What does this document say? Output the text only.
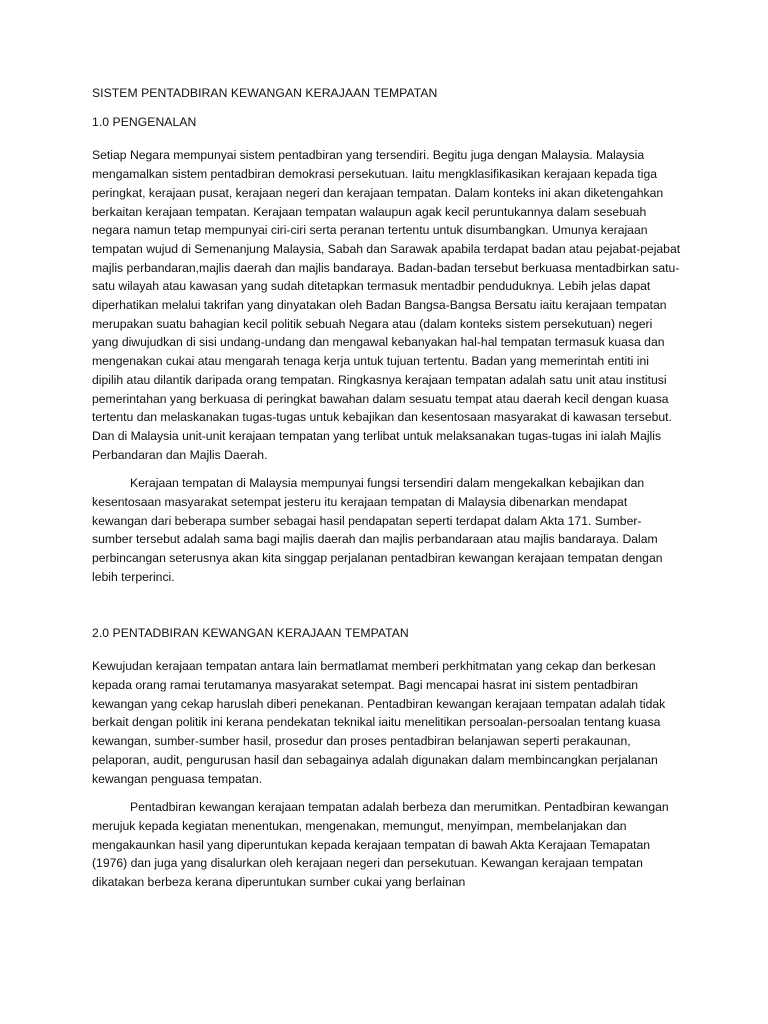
SISTEM PENTADBIRAN KEWANGAN KERAJAAN TEMPATAN

1.0 PENGENALAN

Setiap Negara mempunyai sistem pentadbiran yang tersendiri. Begitu juga dengan Malaysia. Malaysia mengamalkan sistem pentadbiran demokrasi persekutuan. Iaitu mengklasifikasikan kerajaan kepada tiga peringkat, kerajaan pusat, kerajaan negeri dan kerajaan tempatan. Dalam konteks ini akan diketengahkan berkaitan kerajaan tempatan. Kerajaan tempatan walaupun agak kecil peruntukannya dalam sesebuah negara namun tetap mempunyai ciri-ciri serta peranan tertentu untuk disumbangkan. Umunya kerajaan tempatan wujud di Semenanjung Malaysia, Sabah dan Sarawak apabila terdapat badan atau pejabat-pejabat majlis perbandaran,majlis daerah dan majlis bandaraya. Badan-badan tersebut berkuasa mentadbirkan satu-satu wilayah atau kawasan yang sudah ditetapkan termasuk mentadbir penduduknya. Lebih jelas dapat diperhatikan melalui takrifan yang dinyatakan oleh Badan Bangsa-Bangsa Bersatu iaitu kerajaan tempatan merupakan suatu bahagian kecil politik sebuah Negara atau (dalam konteks sistem persekutuan) negeri yang diwujudkan di sisi undang-undang dan mengawal kebanyakan hal-hal tempatan termasuk kuasa dan mengenakan cukai atau mengarah tenaga kerja untuk tujuan tertentu. Badan yang memerintah entiti ini dipilih atau dilantik daripada orang tempatan. Ringkasnya kerajaan tempatan adalah satu unit atau institusi pemerintahan yang berkuasa di peringkat bawahan dalam sesuatu tempat atau daerah kecil dengan kuasa tertentu dan melaskanakan tugas-tugas untuk kebajikan dan kesentosaan masyarakat di kawasan tersebut. Dan di Malaysia unit-unit kerajaan tempatan yang terlibat untuk melaksanakan tugas-tugas ini ialah Majlis Perbandaran dan Majlis Daerah.

Kerajaan tempatan di Malaysia mempunyai fungsi tersendiri dalam mengekalkan kebajikan dan kesentosaan masyarakat setempat jesteru itu kerajaan tempatan di Malaysia dibenarkan mendapat kewangan dari beberapa sumber sebagai hasil pendapatan seperti terdapat dalam Akta 171. Sumber-sumber tersebut adalah sama bagi majlis daerah dan majlis perbandaraan atau majlis bandaraya. Dalam perbincangan seterusnya akan kita singgap perjalanan pentadbiran kewangan kerajaan tempatan dengan lebih terperinci.

2.0 PENTADBIRAN KEWANGAN KERAJAAN TEMPATAN

Kewujudan kerajaan tempatan antara lain bermatlamat memberi perkhitmatan yang cekap dan berkesan kepada orang ramai terutamanya masyarakat setempat. Bagi mencapai hasrat ini sistem pentadbiran kewangan yang cekap haruslah diberi penekanan. Pentadbiran kewangan kerajaan tempatan adalah tidak berkait dengan politik ini kerana pendekatan teknikal iaitu menelitikan persoalan-persoalan tentang kuasa kewangan, sumber-sumber hasil, prosedur dan proses pentadbiran belanjawan seperti perakaunan, pelaporan, audit, pengurusan hasil dan sebagainya adalah digunakan dalam membincangkan perjalanan kewangan penguasa tempatan.

Pentadbiran kewangan kerajaan tempatan adalah berbeza dan merumitkan. Pentadbiran kewangan merujuk kepada kegiatan menentukan, mengenakan, memungut, menyimpan, membelanjakan dan mengakaunkan hasil yang diperuntukan kepada kerajaan tempatan di bawah Akta Kerajaan Temapatan (1976) dan juga yang disalurkan oleh kerajaan negeri dan persekutuan. Kewangan kerajaan tempatan dikatakan berbeza kerana diperuntukan sumber cukai yang berlainan
